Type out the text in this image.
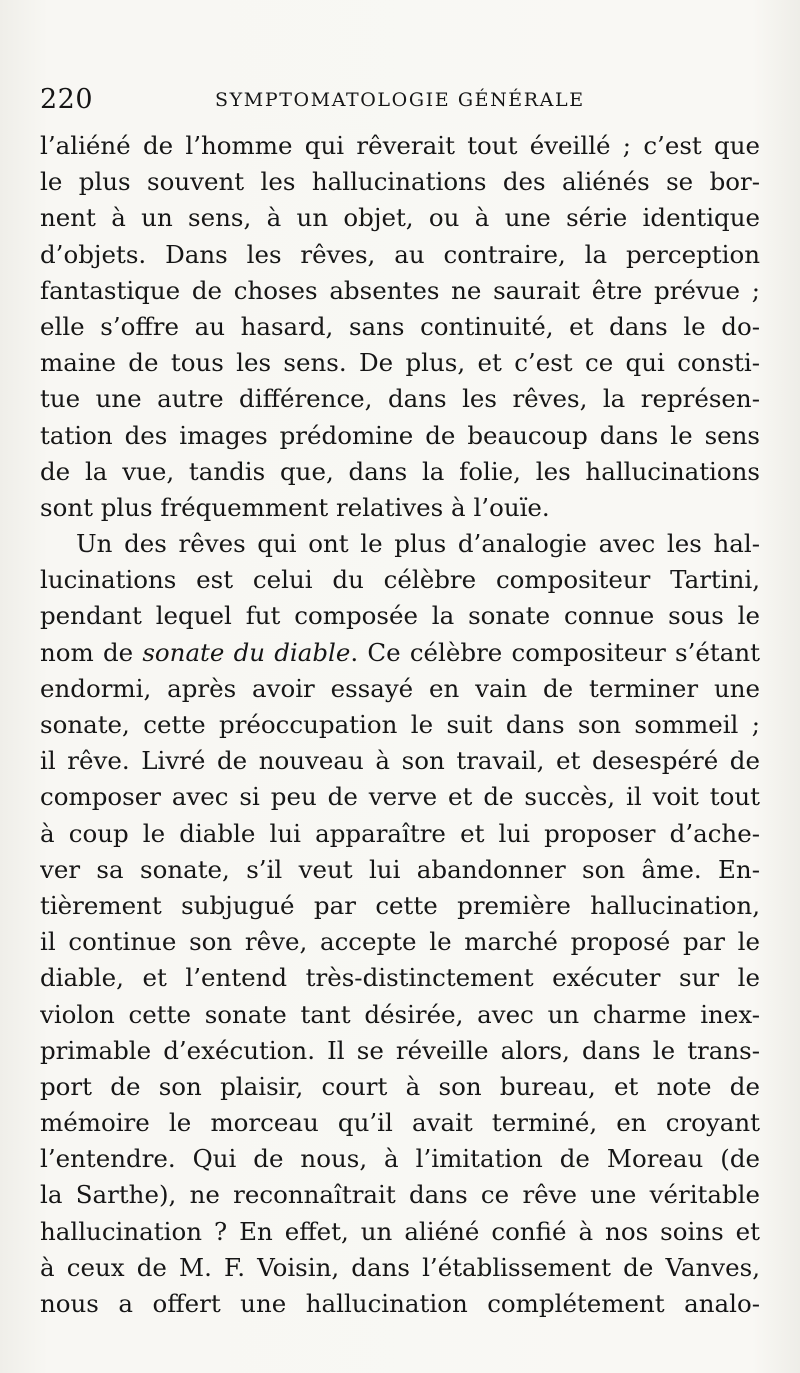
220	SYMPTOMATOLOGIE GÉNÉRALE
l’aliéné de l’homme qui rêverait tout éveillé ; c’est que
le plus souvent les hallucinations des aliénés se bor-
nent à un sens, à un objet, ou à une série identique
d’objets. Dans les rêves, au contraire, la perception
fantastique de choses absentes ne saurait être prévue ;
elle s’offre au hasard, sans continuité, et dans le do-
maine de tous les sens. De plus, et c’est ce qui consti-
tue une autre différence, dans les rêves, la représen-
tation des images prédomine de beaucoup dans le sens
de la vue, tandis que, dans la folie, les hallucinations
sont plus fréquemment relatives à l’ouïe.
Un des rêves qui ont le plus d’analogie avec les hal-
lucinations est celui du célèbre compositeur Tartini,
pendant lequel fut composée la sonate connue sous le
nom de sonate du diable. Ce célèbre compositeur s’étant
endormi, après avoir essayé en vain de terminer une
sonate, cette préoccupation le suit dans son sommeil ;
il rêve. Livré de nouveau à son travail, et desespéré de
composer avec si peu de verve et de succès, il voit tout
à coup le diable lui apparaître et lui proposer d’ache-
ver sa sonate, s’il veut lui abandonner son âme. En-
tièrement subjugué par cette première hallucination,
il continue son rêve, accepte le marché proposé par le
diable, et l’entend très-distinctement exécuter sur le
violon cette sonate tant désirée, avec un charme inex-
primable d’exécution. Il se réveille alors, dans le trans-
port de son plaisir, court à son bureau, et note de
mémoire le morceau qu’il avait terminé, en croyant
l’entendre. Qui de nous, à l’imitation de Moreau (de
la Sarthe), ne reconnaîtrait dans ce rêve une véritable
hallucination ? En effet, un aliéné confié à nos soins et
à ceux de M. F. Voisin, dans l’établissement de Vanves,
nous a offert une hallucination complétement analo-
